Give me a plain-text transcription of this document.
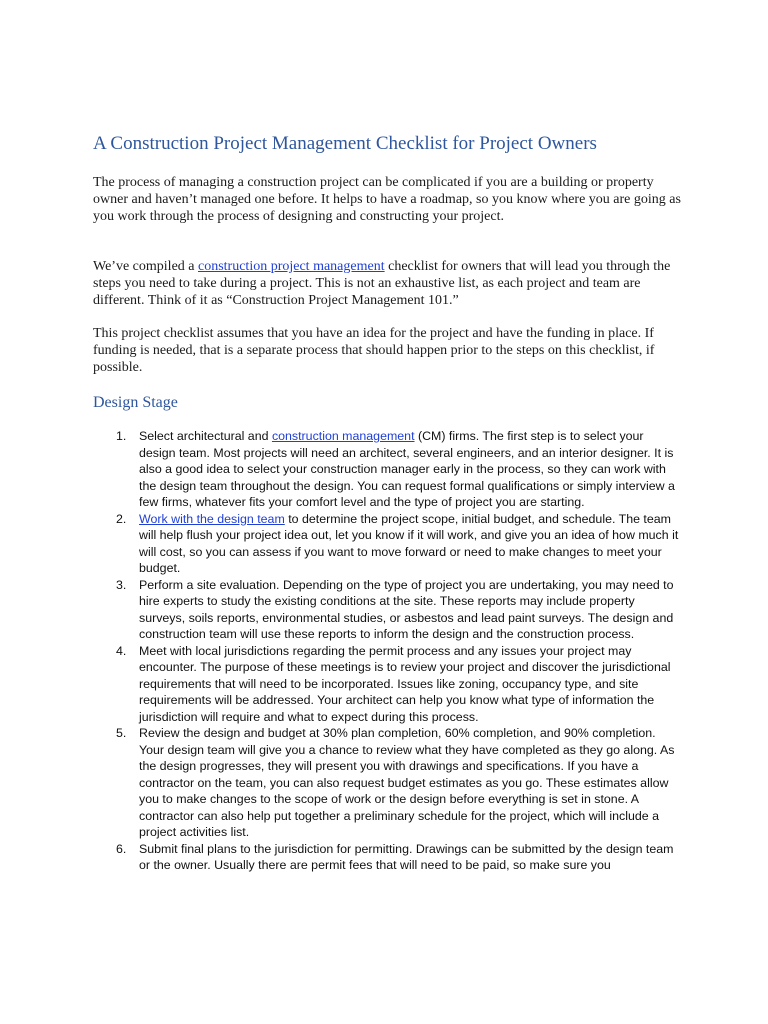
A Construction Project Management Checklist for Project Owners

The process of managing a construction project can be complicated if you are a building or property owner and haven’t managed one before. It helps to have a roadmap, so you know where you are going as you work through the process of designing and constructing your project.

We’ve compiled a construction project management checklist for owners that will lead you through the steps you need to take during a project. This is not an exhaustive list, as each project and team are different. Think of it as “Construction Project Management 101.”

This project checklist assumes that you have an idea for the project and have the funding in place. If funding is needed, that is a separate process that should happen prior to the steps on this checklist, if possible.

Design Stage
1. Select architectural and construction management (CM) firms. The first step is to select your design team. Most projects will need an architect, several engineers, and an interior designer. It is also a good idea to select your construction manager early in the process, so they can work with the design team throughout the design. You can request formal qualifications or simply interview a few firms, whatever fits your comfort level and the type of project you are starting.
2. Work with the design team to determine the project scope, initial budget, and schedule. The team will help flush your project idea out, let you know if it will work, and give you an idea of how much it will cost, so you can assess if you want to move forward or need to make changes to meet your budget.
3. Perform a site evaluation. Depending on the type of project you are undertaking, you may need to hire experts to study the existing conditions at the site. These reports may include property surveys, soils reports, environmental studies, or asbestos and lead paint surveys. The design and construction team will use these reports to inform the design and the construction process.
4. Meet with local jurisdictions regarding the permit process and any issues your project may encounter. The purpose of these meetings is to review your project and discover the jurisdictional requirements that will need to be incorporated. Issues like zoning, occupancy type, and site requirements will be addressed. Your architect can help you know what type of information the jurisdiction will require and what to expect during this process.
5. Review the design and budget at 30% plan completion, 60% completion, and 90% completion. Your design team will give you a chance to review what they have completed as they go along. As the design progresses, they will present you with drawings and specifications. If you have a contractor on the team, you can also request budget estimates as you go. These estimates allow you to make changes to the scope of work or the design before everything is set in stone. A contractor can also help put together a preliminary schedule for the project, which will include a project activities list.
6. Submit final plans to the jurisdiction for permitting. Drawings can be submitted by the design team or the owner. Usually there are permit fees that will need to be paid, so make sure you
